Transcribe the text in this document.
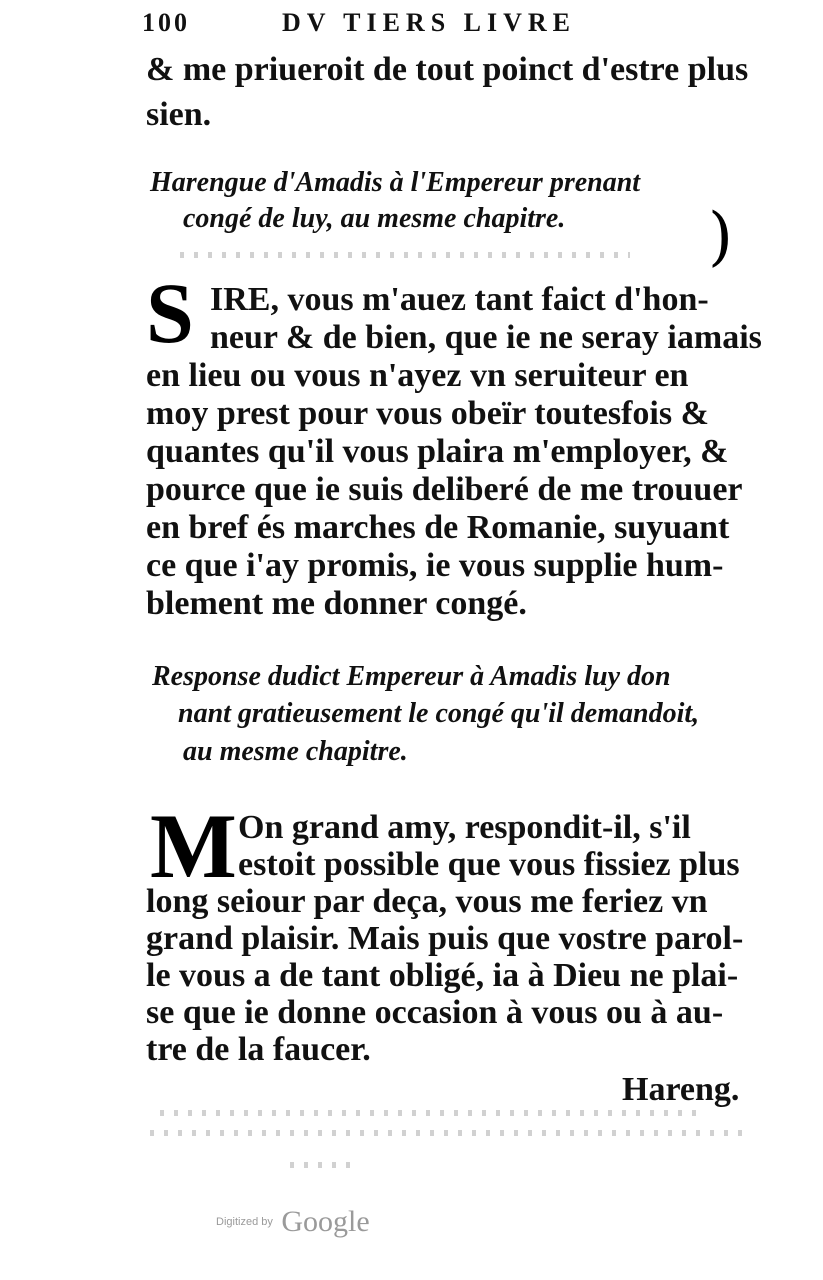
100	DV TIERS LIVRE
& me priueroit de tout poinct d'estre plus
sien.
Harengue d'Amadis à l'Empereur prenant
congé de luy, au mesme chapitre. )
S IRE, vous m'auez tant faict d'hon-
neur & de bien, que ie ne seray iamais
en lieu ou vous n'ayez vn seruiteur en
moy prest pour vous obeïr toutesfois &
quantes qu'il vous plaira m'employer, &
pource que ie suis deliberé de me trouuer
en bref és marches de Romanie, suyuant
ce que i'ay promis, ie vous supplie hum-
blement me donner congé.
Response dudict Empereur à Amadis luy don
nant gratieusement le congé qu'il demandoit,
au mesme chapitre.
M On grand amy, respondit-il, s'il
estoit possible que vous fissiez plus
long seiour par deça, vous me feriez vn
grand plaisir. Mais puis que vostre parol-
le vous a de tant obligé, ia à Dieu ne plai-
se que ie donne occasion à vous ou à au-
tre de la faucer.
Hareng.
Digitized by Google
